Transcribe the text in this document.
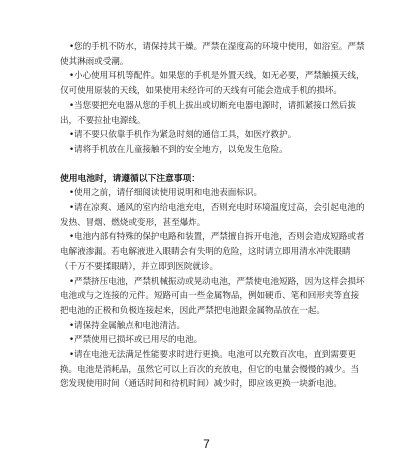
•您的手机不防水，请保持其干燥。严禁在湿度高的环境中使用，如浴室。严禁使其淋雨或受潮。

•小心使用耳机等配件。如果您的手机是外置天线，如无必要，严禁触摸天线，仅可使用原装的天线，如果使用未经许可的天线有可能会造成手机的损坏。

•当您要把充电器从您的手机上拔出或切断充电器电源时，请抓紧接口然后拔出，不要拉扯电源线。

•请不要只依靠手机作为紧急时刻的通信工具，如医疗救护。

•请将手机放在儿童接触不到的安全地方，以免发生危险。

使用电池时，请遵循以下注意事项：

•使用之前，请仔细阅读使用说明和电池表面标识。

•请在凉爽、通风的室内给电池充电，否则充电时环境温度过高，会引起电池的发热、冒烟、燃烧或变形，甚至爆炸。

•电池内部有特殊的保护电路和装置，严禁擅自拆开电池，否则会造成短路或者电解液渗漏。若电解液进入眼睛会有失明的危险，这时请立即用清水冲洗眼睛（千万不要揉眼睛），并立即到医院就诊。

•严禁挤压电池，严禁机械振动或晃动电池，严禁使电池短路，因为这样会损坏电池或与之连接的元件。短路可由一些金属物品，例如硬币、笔和回形夹等直接把电池的正极和负极连接起来，因此严禁把电池跟金属物品放在一起。

•请保持金属触点和电池清洁。

•严禁使用已损坏或已用尽的电池。

•请在电池无法满足性能要求时进行更换。电池可以充数百次电，直到需要更换。电池是消耗品，虽然它可以上百次的充放电，但它的电量会慢慢的减少。当您发现使用时间（通话时间和待机时间）减少时，即应该更换一块新电池。

7
